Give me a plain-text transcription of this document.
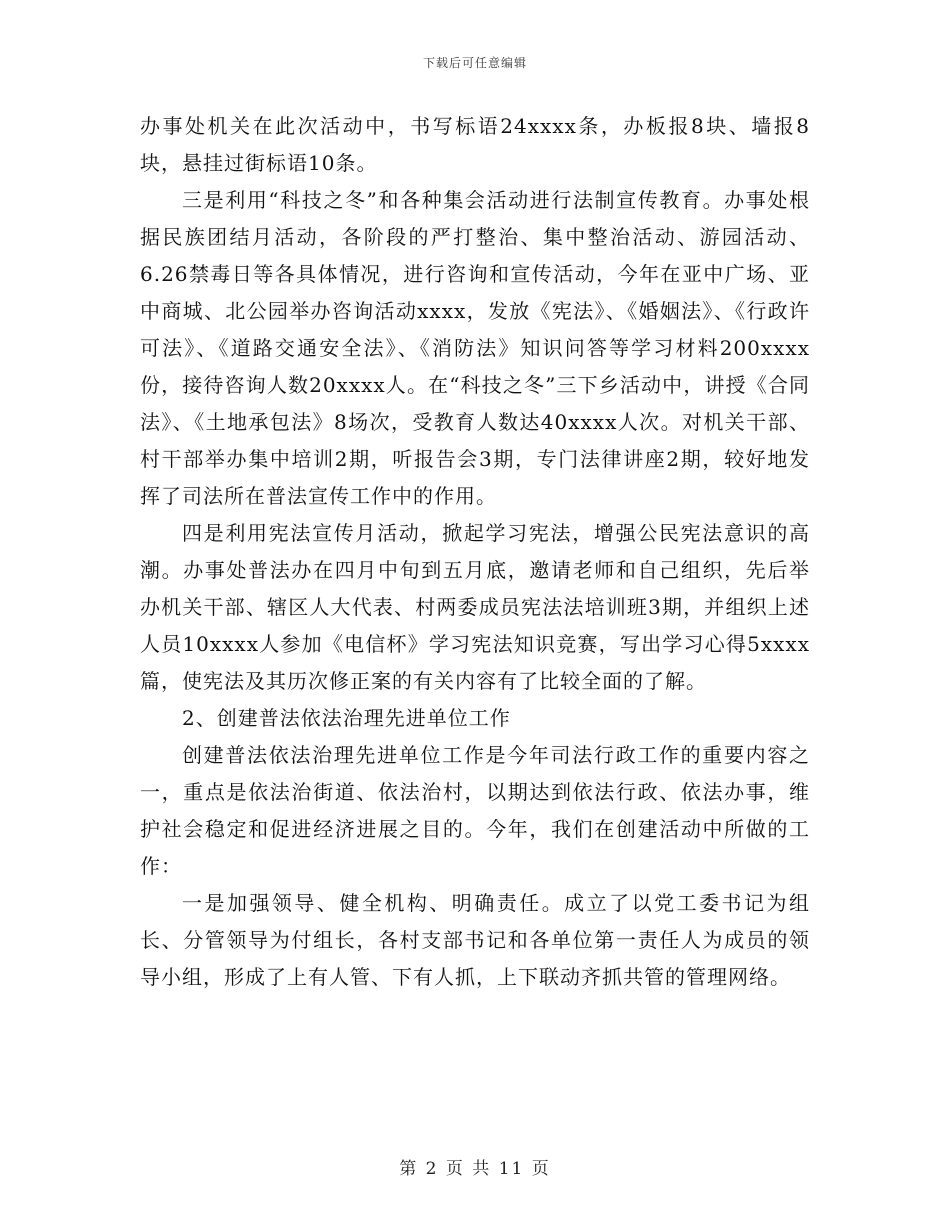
下载后可任意编辑

办事处机关在此次活动中，书写标语24xxxx条，办板报8块、墙报8块，悬挂过街标语10条。

三是利用“科技之冬”和各种集会活动进行法制宣传教育。办事处根据民族团结月活动，各阶段的严打整治、集中整治活动、游园活动、6.26禁毒日等各具体情况，进行咨询和宣传活动，今年在亚中广场、亚中商城、北公园举办咨询活动xxxx，发放《宪法》、《婚姻法》、《行政许可法》、《道路交通安全法》、《消防法》知识问答等学习材料200xxxx份，接待咨询人数20xxxx人。在“科技之冬”三下乡活动中，讲授《合同法》、《土地承包法》8场次，受教育人数达40xxxx人次。对机关干部、村干部举办集中培训2期，听报告会3期，专门法律讲座2期，较好地发挥了司法所在普法宣传工作中的作用。

四是利用宪法宣传月活动，掀起学习宪法，增强公民宪法意识的高潮。办事处普法办在四月中旬到五月底，邀请老师和自己组织，先后举办机关干部、辖区人大代表、村两委成员宪法法培训班3期，并组织上述人员10xxxx人参加《电信杯》学习宪法知识竞赛，写出学习心得5xxxx篇，使宪法及其历次修正案的有关内容有了比较全面的了解。

2、创建普法依法治理先进单位工作

创建普法依法治理先进单位工作是今年司法行政工作的重要内容之一，重点是依法治街道、依法治村，以期达到依法行政、依法办事，维护社会稳定和促进经济进展之目的。今年，我们在创建活动中所做的工作：

一是加强领导、健全机构、明确责任。成立了以党工委书记为组长、分管领导为付组长，各村支部书记和各单位第一责任人为成员的领导小组，形成了上有人管、下有人抓，上下联动齐抓共管的管理网络。

第 2 页 共 11 页
